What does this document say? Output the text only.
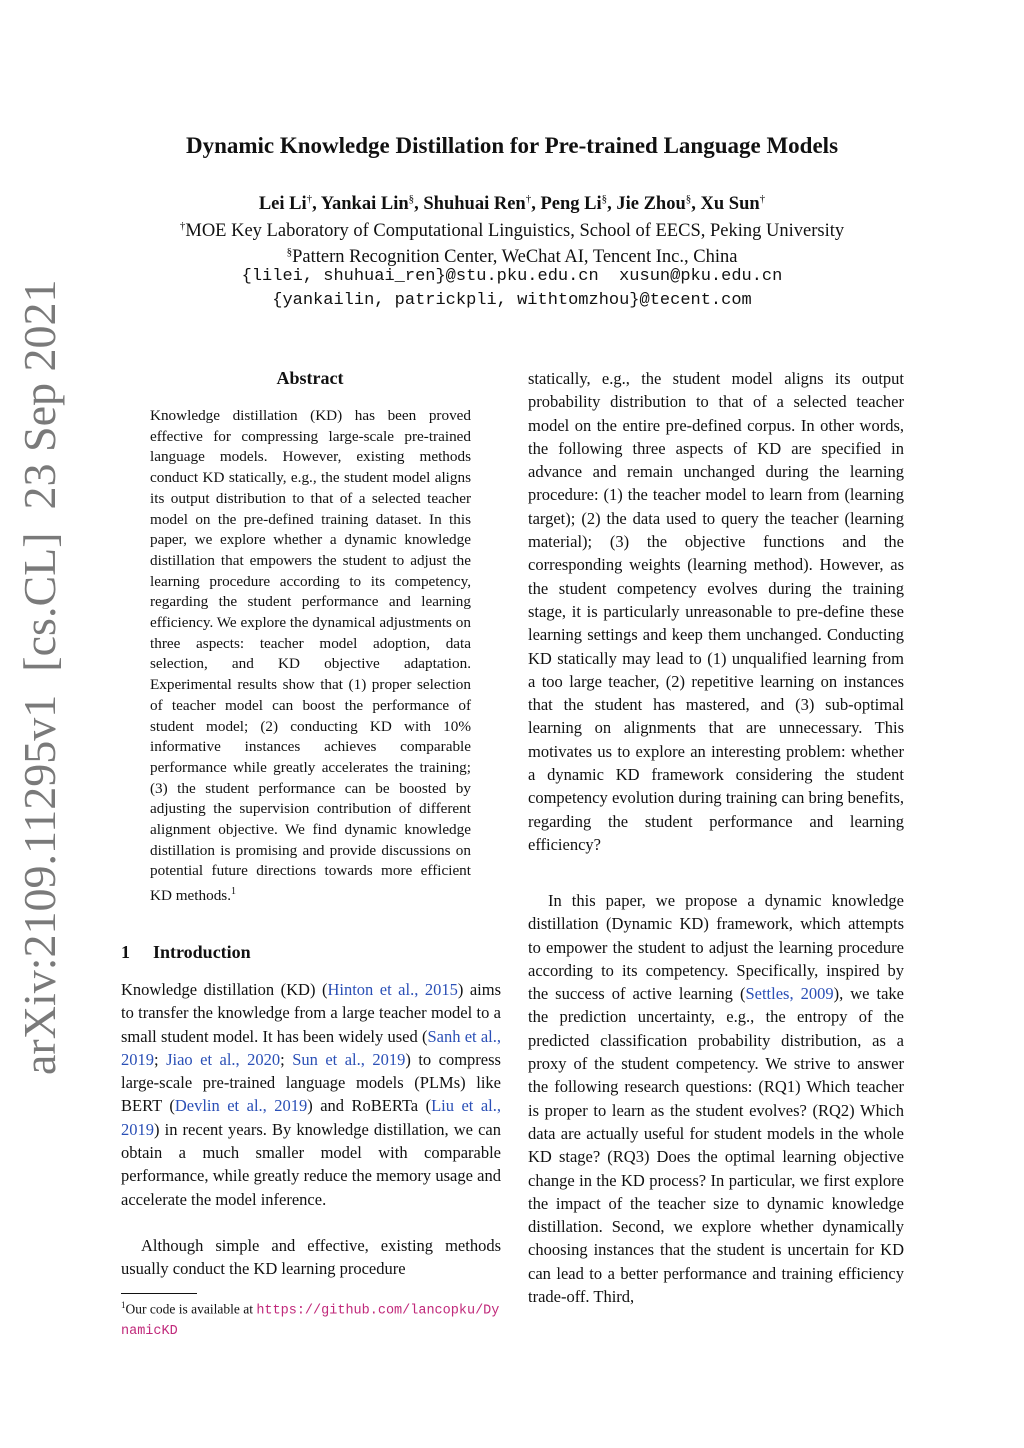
arXiv:2109.11295v1  [cs.CL]  23 Sep 2021
Dynamic Knowledge Distillation for Pre-trained Language Models
Lei Li†, Yankai Lin§, Shuhuai Ren†, Peng Li§, Jie Zhou§, Xu Sun†
†MOE Key Laboratory of Computational Linguistics, School of EECS, Peking University
§Pattern Recognition Center, WeChat AI, Tencent Inc., China
{lilei, shuhuai_ren}@stu.pku.edu.cn xusun@pku.edu.cn
{yankailin, patrickpli, withtomzhou}@tecent.com
Abstract

Knowledge distillation (KD) has been proved effective for compressing large-scale pre-trained language models. However, existing methods conduct KD statically, e.g., the student model aligns its output distribution to that of a selected teacher model on the pre-defined training dataset. In this paper, we explore whether a dynamic knowledge distillation that empowers the student to adjust the learning procedure according to its competency, regarding the student performance and learning efficiency. We explore the dynamical adjustments on three aspects: teacher model adoption, data selection, and KD objective adaptation. Experimental results show that (1) proper selection of teacher model can boost the performance of student model; (2) conducting KD with 10% informative instances achieves comparable performance while greatly accelerates the training; (3) the student performance can be boosted by adjusting the supervision contribution of different alignment objective. We find dynamic knowledge distillation is promising and provide discussions on potential future directions towards more efficient KD methods.$^1$

1 Introduction

Knowledge distillation (KD) (Hinton et al., 2015) aims to transfer the knowledge from a large teacher model to a small student model. It has been widely used (Sanh et al., 2019; Jiao et al., 2020; Sun et al., 2019) to compress large-scale pre-trained language models (PLMs) like BERT (Devlin et al., 2019) and RoBERTa (Liu et al., 2019) in recent years. By knowledge distillation, we can obtain a much smaller model with comparable performance, while greatly reduce the memory usage and accelerate the model inference.

Although simple and effective, existing methods usually conduct the KD learning procedure

$^1$Our code is available at https://github.com/lancopku/DynamicKD

statically, e.g., the student model aligns its output probability distribution to that of a selected teacher model on the entire pre-defined corpus. In other words, the following three aspects of KD are specified in advance and remain unchanged during the learning procedure: (1) the teacher model to learn from (learning target); (2) the data used to query the teacher (learning material); (3) the objective functions and the corresponding weights (learning method). However, as the student competency evolves during the training stage, it is particularly unreasonable to pre-define these learning settings and keep them unchanged. Conducting KD statically may lead to (1) unqualified learning from a too large teacher, (2) repetitive learning on instances that the student has mastered, and (3) sub-optimal learning on alignments that are unnecessary. This motivates us to explore an interesting problem: whether a dynamic KD framework considering the student competency evolution during training can bring benefits, regarding the student performance and learning efficiency?

In this paper, we propose a dynamic knowledge distillation (Dynamic KD) framework, which attempts to empower the student to adjust the learning procedure according to its competency. Specifically, inspired by the success of active learning (Settles, 2009), we take the prediction uncertainty, e.g., the entropy of the predicted classification probability distribution, as a proxy of the student competency. We strive to answer the following research questions: (RQ1) Which teacher is proper to learn as the student evolves? (RQ2) Which data are actually useful for student models in the whole KD stage? (RQ3) Does the optimal learning objective change in the KD process? In particular, we first explore the impact of the teacher size to dynamic knowledge distillation. Second, we explore whether dynamically choosing instances that the student is uncertain for KD can lead to a better performance and training efficiency trade-off. Third,
